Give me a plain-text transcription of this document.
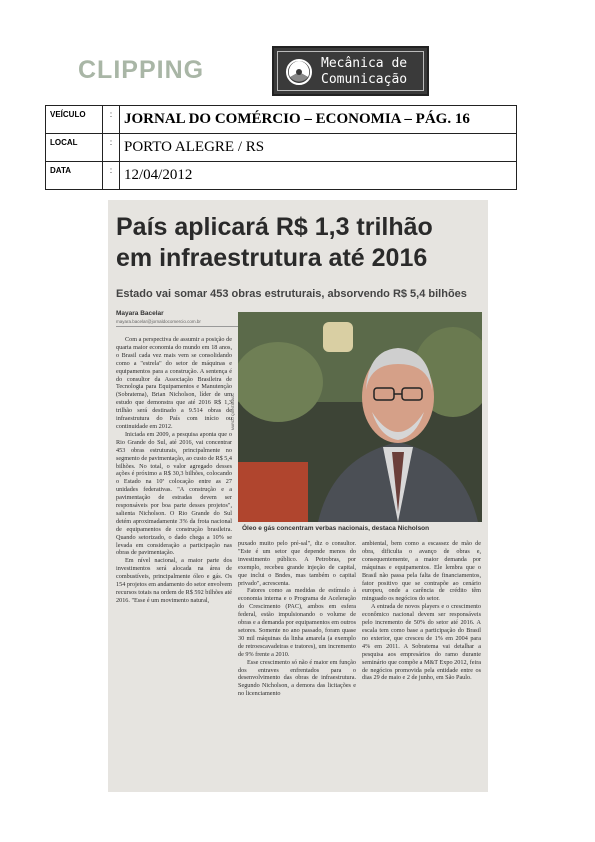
CLIPPING	Mecânica de
Comunicação
VEÍCULO	:	JORNAL DO COMÉRCIO – ECONOMIA – PÁG. 16
LOCAL	:	PORTO ALEGRE / RS
DATA	:	12/04/2012
País aplicará R$ 1,3 trilhão
em infraestrutura até 2016
Estado vai somar 453 obras estruturais, absorvendo R$ 5,4 bilhões
Mayara Bacelar
mayara.bacelar@jornaldocomercio.com.br
MARCO QUINTANA/JC
Óleo e gás concentram verbas nacionais, destaca Nicholson

Com a perspectiva de assumir a posição de quarta maior economia do mundo em 18 anos, o Brasil cada vez mais vem se consolidando como a "estrela" do setor de máquinas e equipamentos para a construção. A sentença é do consultor da Associação Brasileira de Tecnologia para Equipamentos e Manutenção (Sobratema), Brian Nicholson, líder de um estudo que demonstra que até 2016 R$ 1,3 trilhão será destinado a 9.514 obras de infraestrutura do País com início ou continuidade em 2012.

Iniciada em 2009, a pesquisa aponta que o Rio Grande do Sul, até 2016, vai concentrar 453 obras estruturais, principalmente no segmento de pavimentação, ao custo de R$ 5,4 bilhões. No total, o valor agregado desses ações é próximo a R$ 30,3 bilhões, colocando o Estado na 10ª colocação entre as 27 unidades federativas. "A construção e a pavimentação de estradas devem ser responsáveis por boa parte desses projetos", salienta Nicholson. O Rio Grande do Sul detém aproximadamente 3% da frota nacional de equipamentos de construção brasileira. Quando setorizado, o dado chega a 10% se levada em consideração a participação nas obras de pavimentação.

Em nível nacional, a maior parte dos investimentos será alocada na área de combustíveis, principalmente óleo e gás. Os 154 projetos em andamento do setor envolvem recursos totais na ordem de R$ 592 bilhões até 2016. "Esse é um movimento natural,

puxado muito pelo pré-sal", diz o consultor. "Este é um setor que depende menos do investimento público. A Petrobras, por exemplo, recebeu grande injeção de capital, que inclui o Bndes, mas também o capital privado", acrescenta.

Fatores como as medidas de estímulo à economia interna e o Programa de Aceleração do Crescimento (PAC), ambos em esfera federal, estão impulsionando o volume de obras e a demanda por equipamentos em outros setores. Somente no ano passado, foram quase 30 mil máquinas da linha amarela (a exemplo de retroescavadeiras e tratores), um incremento de 9% frente a 2010.

Esse crescimento só não é maior em função dos entraves enfrentados para o desenvolvimento das obras de infraestrutura. Segundo Nicholson, a demora das licitações e no licenciamento

ambiental, bem como a escassez de mão de obra, dificulta o avanço de obras e, consequentemente, a maior demanda por máquinas e equipamentos. Ele lembra que o Brasil não passa pela falta de financiamentos, fator positivo que se contrapõe ao cenário europeu, onde a carência de crédito têm minguado os negócios do setor.

A entrada de novos players e o crescimento econômico nacional devem ser responsáveis pelo incremento de 50% do setor até 2016. A escala tem como base a participação do Brasil no exterior, que cresceu de 1% em 2004 para 4% em 2011. A Sobratema vai detalhar a pesquisa aos empresários do ramo durante seminário que compõe a M&T Expo 2012, feira de negócios promovida pela entidade entre os dias 29 de maio e 2 de junho, em São Paulo.
